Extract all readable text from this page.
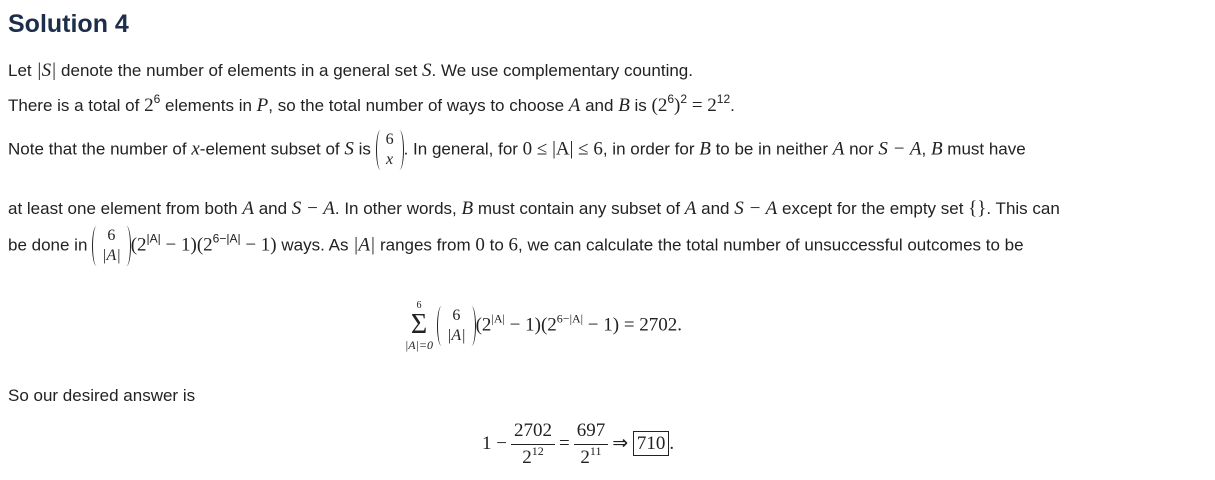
Solution 4
Let |S| denote the number of elements in a general set S. We use complementary counting.
There is a total of $2^6$ elements in P, so the total number of ways to choose A and B is $(2^6)^2 = 2^{12}$.
Note that the number of x-element subset of S is 6
x
. In general, for 0 ≤ |A| ≤ 6, in order for B to be in neither A nor S − A, B must have
at least one element from both A and S − A. In other words, B must contain any subset of A and S − A except for the empty set {}. This can
be done in 6
|A|
$(2^{|A|} - 1)(2^{6-|A|} - 1)$ ways. As |A| ranges from 0 to 6, we can calculate the total number of unsuccessful outcomes to be
6
Σ
|A|=0
6
|A|
$(2^{|A|} - 1)(2^{6-|A|} - 1) = 2702$.
So our desired answer is
$1 - \frac{2702}{2^{12}} = \frac{697}{2^{11}}$ ⇒ 710 .
